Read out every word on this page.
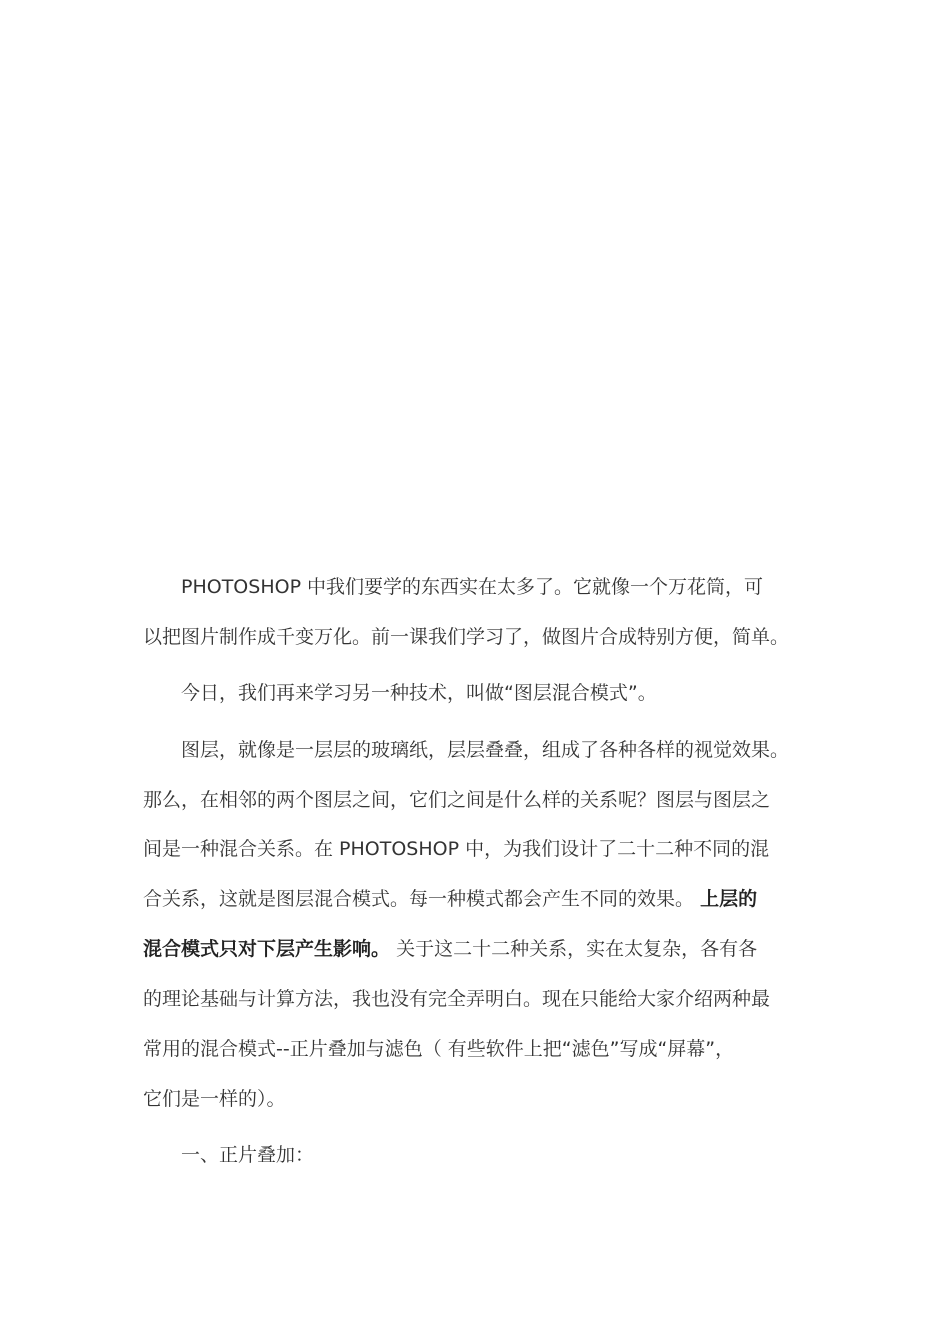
PHOTOSHOP 中我们要学的东西实在太多了。它就像一个万花筒，可
以把图片制作成千变万化。前一课我们学习了，做图片合成特别方便，简单。
今日，我们再来学习另一种技术，叫做“图层混合模式”。
图层，就像是一层层的玻璃纸，层层叠叠，组成了各种各样的视觉效果。
那么，在相邻的两个图层之间，它们之间是什么样的关系呢？图层与图层之
间是一种混合关系。在 PHOTOSHOP 中，为我们设计了二十二种不同的混
合关系，这就是图层混合模式。每一种模式都会产生不同的效果。 上层的
混合模式只对下层产生影响。 关于这二十二种关系，实在太复杂，各有各
的理论基础与计算方法，我也没有完全弄明白。现在只能给大家介绍两种最
常用的混合模式--正片叠加与滤色（ 有些软件上把“滤色”写成“屏幕”，
它们是一样的）。
一、正片叠加：
